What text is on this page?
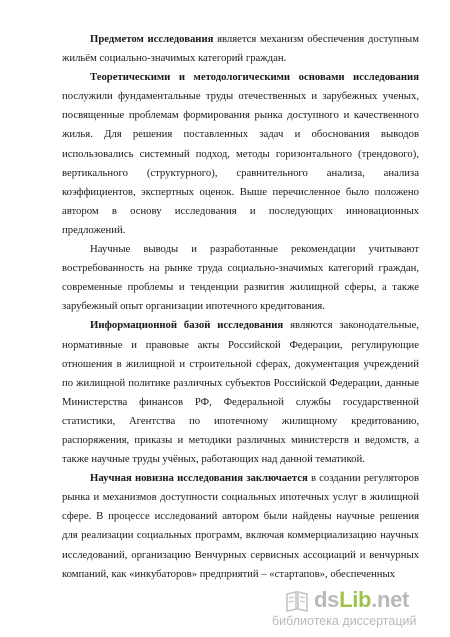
Предметом исследования является механизм обеспечения доступным жильём социально-значимых категорий граждан.

Теоретическими и методологическими основами исследования послужили фундаментальные труды отечественных и зарубежных ученых, посвященные проблемам формирования рынка доступного и качественного жилья. Для решения поставленных задач и обоснования выводов использовались системный подход, методы горизонтального (трендового), вертикального (структурного), сравнительного анализа, анализа коэффициентов, экспертных оценок. Выше перечисленное было положено автором в основу исследования и последующих инновационных предложений.

Научные выводы и разработанные рекомендации учитывают востребованность на рынке труда социально-значимых категорий граждан, современные проблемы и тенденции развития жилищной сферы, а также зарубежный опыт организации ипотечного кредитования.

Информационной базой исследования являются законодательные, нормативные и правовые акты Российской Федерации, регулирующие отношения в жилищной и строительной сферах, документация учреждений по жилищной политике различных субъектов Российской Федерации, данные Министерства финансов РФ, Федеральной службы государственной статистики, Агентства по ипотечному жилищному кредитованию, распоряжения, приказы и методики различных министерств и ведомств, а также научные труды учёных, работающих над данной тематикой.

Научная новизна исследования заключается в создании регуляторов рынка и механизмов доступности социальных ипотечных услуг в жилищной сфере. В процессе исследований автором были найдены научные решения для реализации социальных программ, включая коммерциализацию научных исследований, организацию Венчурных сервисных ассоциаций и венчурных компаний, как «инкубаторов» предприятий – «стартапов», обеспеченных

dsLib.net
библиотека диссертаций
